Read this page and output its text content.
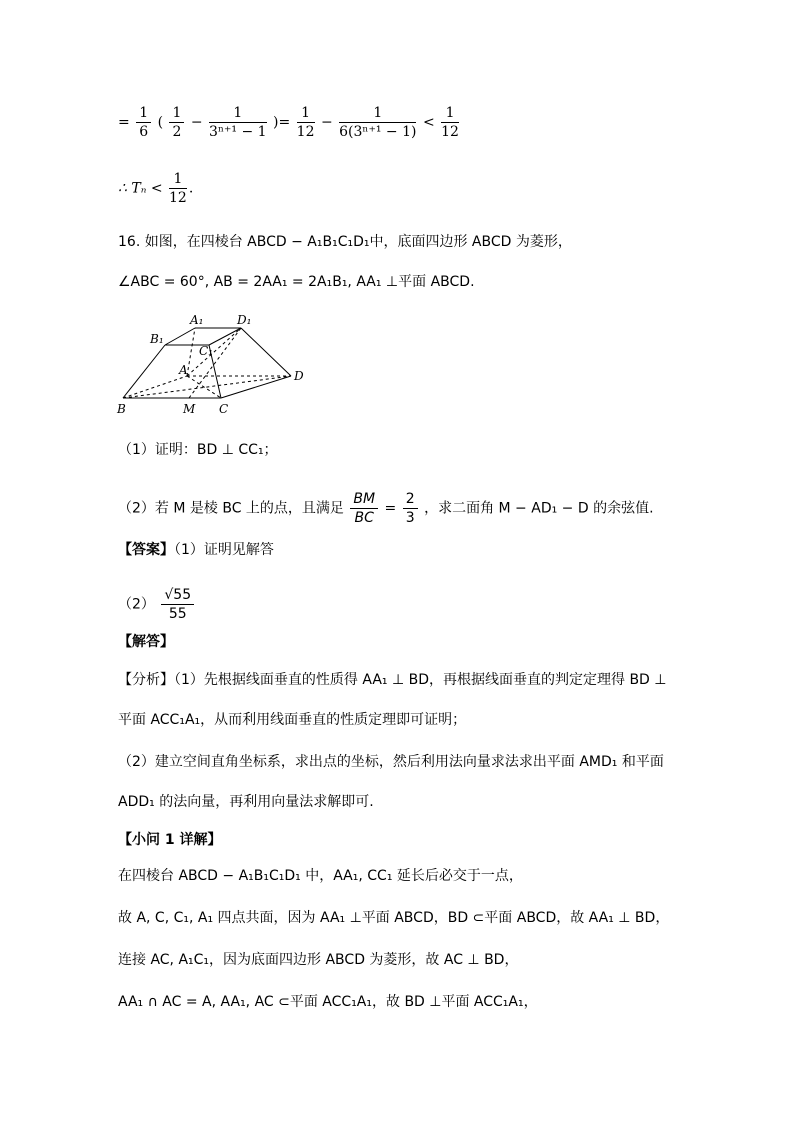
= $\frac{1}{6}$ ( $\frac{1}{2} - \frac{1}{\text{3ⁿ⁺¹ − 1}}$ )= $\frac{1}{12} - \frac{1}{\text{6(3ⁿ⁺¹ − 1)}} < \frac{1}{12}$
∴ $T_n < \frac{1}{12}$ .
16. 如图，在四棱台 ABCD − A₁B₁C₁D₁中，底面四边形 ABCD 为菱形，
∠ABC = 60°, AB = 2AA₁ = 2A₁B₁, AA₁ ⊥平面 ABCD.
A₁	D₁
B₁
C₁
A	D
B	M C
（1）证明：BD ⊥ CC₁；
（2）若 M 是棱 BC 上的点，且满足 $\frac{BM}{BC} = \frac{2}{3}$ ，求二面角 M − AD₁ − D 的余弦值.
【答案】（1）证明见解答
$(2) \frac{√55}{55}$
【解答】
【分析】（1）先根据线面垂直的性质得 AA₁ ⊥ BD，再根据线面垂直的判定定理得 BD ⊥
平面 ACC₁A₁，从而利用线面垂直的性质定理即可证明；
（2）建立空间直角坐标系，求出点的坐标，然后利用法向量求法求出平面 AMD₁ 和平面
ADD₁ 的法向量，再利用向量法求解即可.
【小问 1 详解】
在四棱台 ABCD − A₁B₁C₁D₁ 中，AA₁, CC₁ 延长后必交于一点，
故 A, C, C₁, A₁ 四点共面，因为 AA₁ ⊥平面 ABCD，BD ⊂平面 ABCD，故 AA₁ ⊥ BD，
连接 AC, A₁C₁，因为底面四边形 ABCD 为菱形，故 AC ⊥ BD，
AA₁ ∩ AC = A, AA₁, AC ⊂平面 ACC₁A₁，故 BD ⊥平面 ACC₁A₁，
